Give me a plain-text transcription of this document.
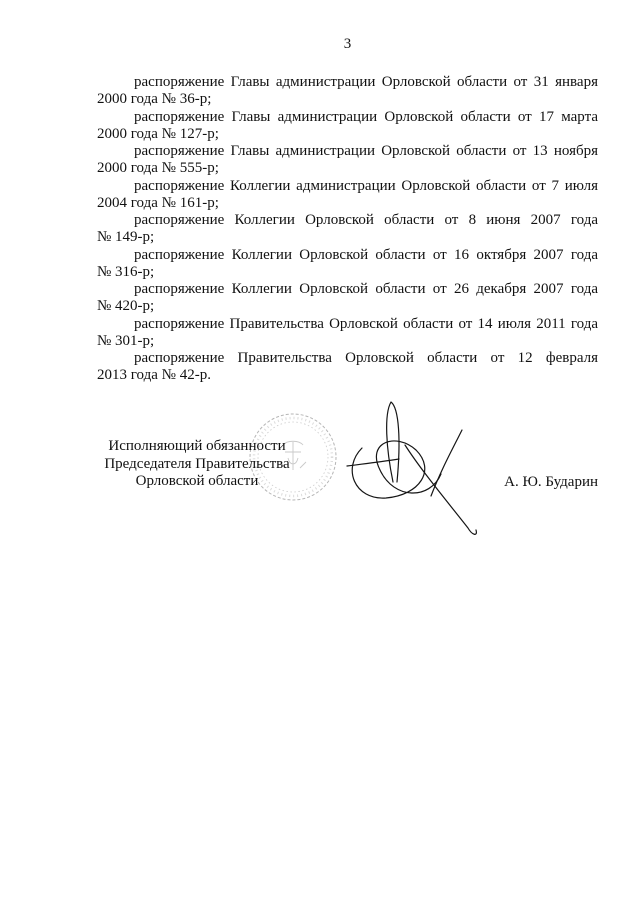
3
распоряжение Главы администрации Орловской области от 31 января
2000 года № 36-р;
распоряжение Главы администрации Орловской области от 17 марта
2000 года № 127-р;
распоряжение Главы администрации Орловской области от 13 ноября
2000 года № 555-р;
распоряжение Коллегии администрации Орловской области от 7 июля
2004 года № 161-р;
распоряжение Коллегии Орловской области от 8 июня 2007 года
№ 149-р;
распоряжение Коллегии Орловской области от 16 октября 2007 года
№ 316-р;
распоряжение Коллегии Орловской области от 26 декабря 2007 года
№ 420-р;
распоряжение Правительства Орловской области от 14 июля 2011 года
№ 301-р;
распоряжение Правительства Орловской области от 12 февраля
2013 года № 42-р.
Исполняющий обязанности
Председателя Правительства
Орловской области	А. Ю. Бударин
